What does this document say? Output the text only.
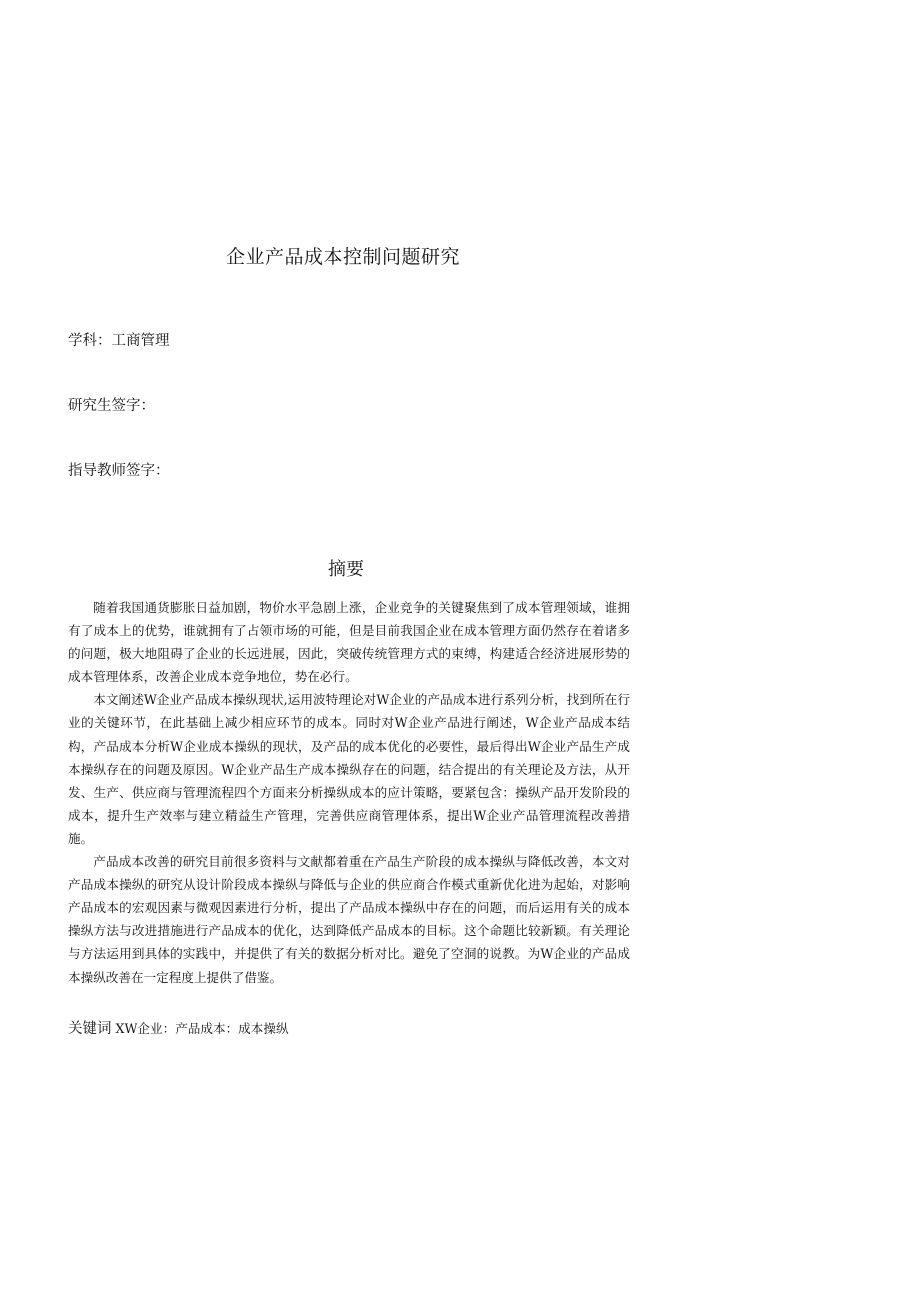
企业产品成本控制问题研究
学科：工商管理
研究生签字：
指导教师签字：
摘要

随着我国通货膨胀日益加剧，物价水平急剧上涨，企业竞争的关键聚焦到了成本管理领域，谁拥有了成本上的优势，谁就拥有了占领市场的可能，但是目前我国企业在成本管理方面仍然存在着诸多的问题，极大地阻碍了企业的长远进展，因此，突破传统管理方式的束缚，构建适合经济进展形势的成本管理体系，改善企业成本竞争地位，势在必行。

本文阐述W企业产品成本操纵现状,运用波特理论对W企业的产品成本进行系列分析，找到所在行业的关键环节，在此基础上减少相应环节的成本。同时对W企业产品进行阐述，W企业产品成本结构，产品成本分析W企业成本操纵的现状，及产品的成本优化的必要性，最后得出W企业产品生产成本操纵存在的问题及原因。W企业产品生产成本操纵存在的问题，结合提出的有关理论及方法，从开发、生产、供应商与管理流程四个方面来分析操纵成本的应计策略，要紧包含：操纵产品开发阶段的成本，提升生产效率与建立精益生产管理，完善供应商管理体系，提出W企业产品管理流程改善措施。

产品成本改善的研究目前很多资料与文献都着重在产品生产阶段的成本操纵与降低改善，本文对产品成本操纵的研究从设计阶段成本操纵与降低与企业的供应商合作模式重新优化进为起始，对影响产品成本的宏观因素与微观因素进行分析，提出了产品成本操纵中存在的问题，而后运用有关的成本操纵方法与改进措施进行产品成本的优化，达到降低产品成本的目标。这个命题比较新颖。有关理论与方法运用到具体的实践中，并提供了有关的数据分析对比。避免了空洞的说教。为W企业的产品成本操纵改善在一定程度上提供了借鉴。

关键词 XW企业：产品成本：成本操纵
